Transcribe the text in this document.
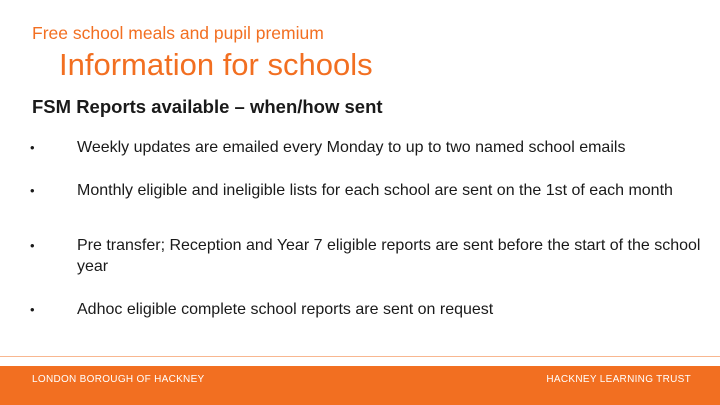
Free school meals and pupil premium
Information for schools
FSM Reports available – when/how sent
•	Weekly updates are emailed every Monday to up to two named school emails
•	Monthly eligible and ineligible lists for each school are sent on the 1st of each month
•	Pre transfer; Reception and Year 7 eligible reports are sent before the start of the school year
•	Adhoc eligible complete school reports are sent on request
LONDON BOROUGH OF HACKNEY	HACKNEY LEARNING TRUST
